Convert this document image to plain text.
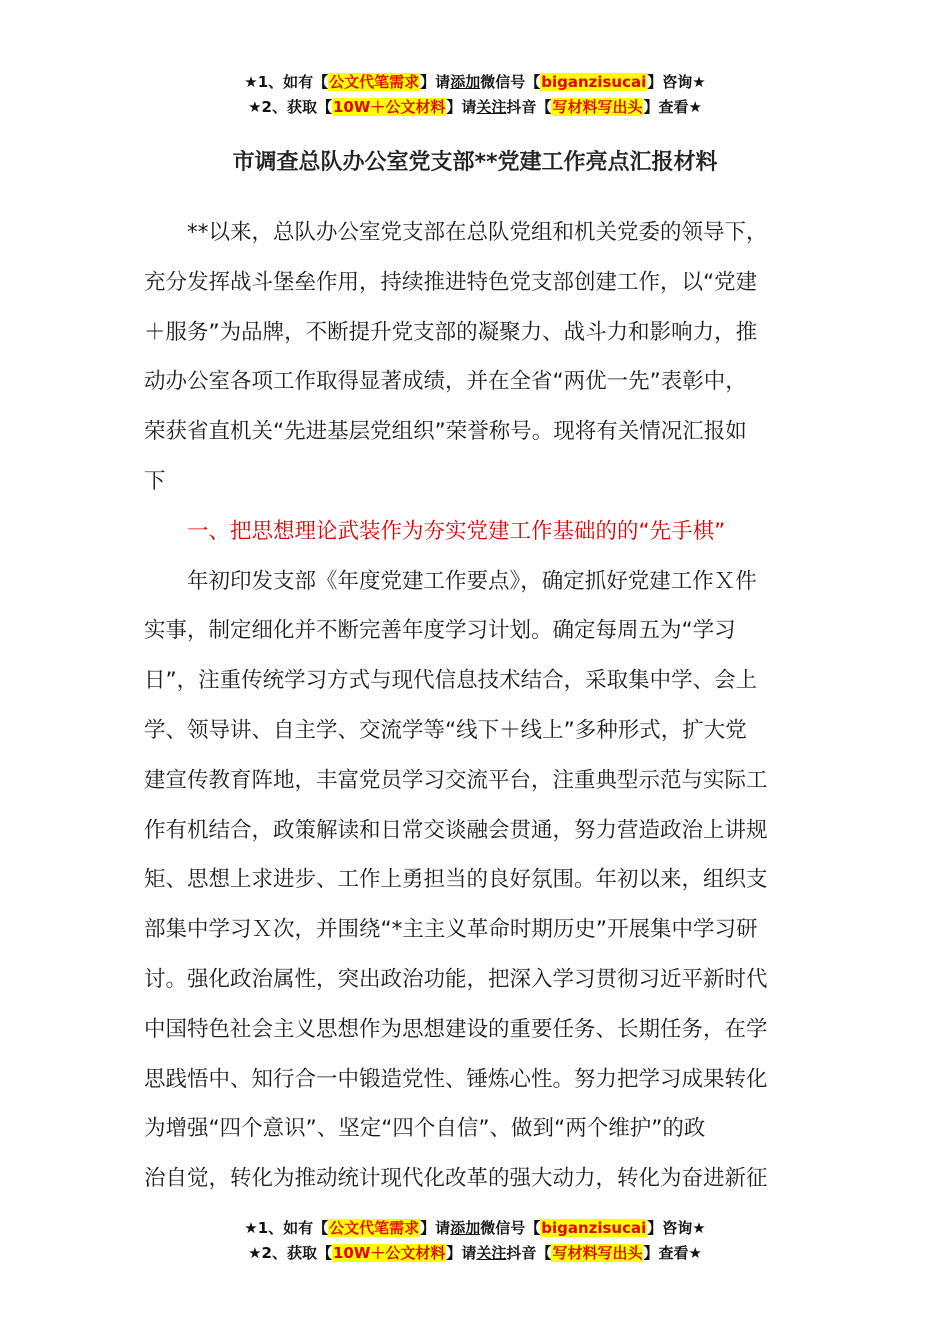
★1、如有【公文代笔需求】请添加微信号【biganzisucai】咨询★
★2、获取【10W＋公文材料】请关注抖音【写材料写出头】查看★
市调查总队办公室党支部**党建工作亮点汇报材料
**以来，总队办公室党支部在总队党组和机关党委的领导下，
充分发挥战斗堡垒作用，持续推进特色党支部创建工作，以“党建
＋服务”为品牌，不断提升党支部的凝聚力、战斗力和影响力，推
动办公室各项工作取得显著成绩，并在全省“两优一先”表彰中，
荣获省直机关“先进基层党组织”荣誉称号。现将有关情况汇报如
下

一、把思想理论武装作为夯实党建工作基础的的“先手棋”

年初印发支部《年度党建工作要点》，确定抓好党建工作Ｘ件
实事，制定细化并不断完善年度学习计划。确定每周五为“学习
日”，注重传统学习方式与现代信息技术结合，采取集中学、会上
学、领导讲、自主学、交流学等“线下＋线上”多种形式，扩大党
建宣传教育阵地，丰富党员学习交流平台，注重典型示范与实际工
作有机结合，政策解读和日常交谈融会贯通，努力营造政治上讲规
矩、思想上求进步、工作上勇担当的良好氛围。年初以来，组织支
部集中学习Ｘ次，并围绕“*主主义革命时期历史”开展集中学习研
讨。强化政治属性，突出政治功能，把深入学习贯彻习近平新时代
中国特色社会主义思想作为思想建设的重要任务、长期任务，在学
思践悟中、知行合一中锻造党性、锤炼心性。努力把学习成果转化
为增强“四个意识”、坚定“四个自信”、做到“两个维护”的政
治自觉，转化为推动统计现代化改革的强大动力，转化为奋进新征
★1、如有【公文代笔需求】请添加微信号【biganzisucai】咨询★
★2、获取【10W＋公文材料】请关注抖音【写材料写出头】查看★
